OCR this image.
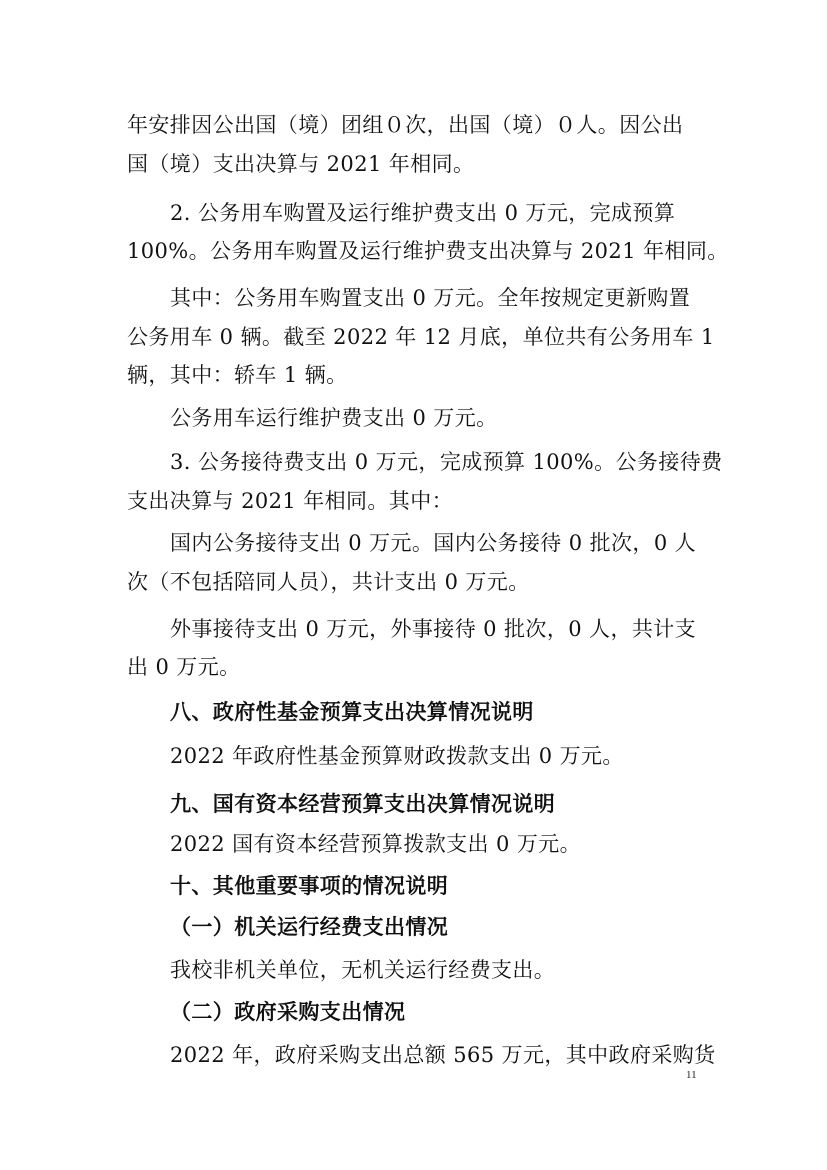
年安排因公出国（境）团组０次，出国（境）０人。因公出
国（境）支出决算与 2021 年相同。
2. 公务用车购置及运行维护费支出 0 万元，完成预算
100%。公务用车购置及运行维护费支出决算与 2021 年相同。
其中：公务用车购置支出 0 万元。全年按规定更新购置
公务用车 0 辆。截至 2022 年 12 月底，单位共有公务用车 1
辆，其中：轿车 1 辆。
公务用车运行维护费支出 0 万元。
3. 公务接待费支出 0 万元，完成预算 100%。公务接待费
支出决算与 2021 年相同。其中：
国内公务接待支出 0 万元。国内公务接待 0 批次，0 人
次（不包括陪同人员），共计支出 0 万元。
外事接待支出 0 万元，外事接待 0 批次，0 人，共计支
出 0 万元。
八、政府性基金预算支出决算情况说明
2022 年政府性基金预算财政拨款支出 0 万元。
九、国有资本经营预算支出决算情况说明
2022 国有资本经营预算拨款支出 0 万元。
十、其他重要事项的情况说明
（一）机关运行经费支出情况
我校非机关单位，无机关运行经费支出。
（二）政府采购支出情况
2022 年，政府采购支出总额 565 万元，其中政府采购货
11
